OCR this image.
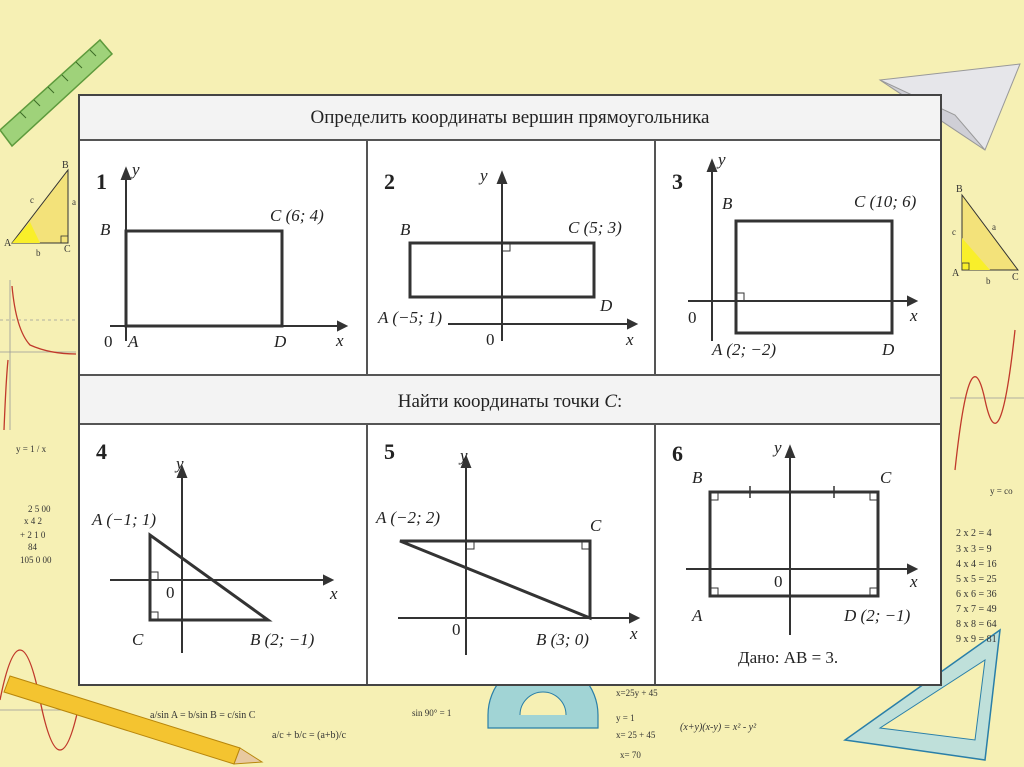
A
B
C
c	a
b
B
A	C
a
c
b
y = 1 / x
y = co
2 5 00
x 4 2
+ 2 1 0
84
105 0 00
2 x 2 = 4
3 x 3 = 9
4 x 4 = 16
5 x 5 = 25
6 x 6 = 36
7 x 7 = 49
8 x 8 = 64
9 x 9 = 81
a/sin A = b/sin B = c/sin C
a/c + b/c = (a+b)/c
sin 90° = 1
x=25y + 45
y = 1
x= 25 + 45
x= 70
(x+y)(x-y) = x² - y²
Определить координаты вершин прямоугольника
Найти координаты точки C:
1 y
x
0
B
C (6; 4)
A	D
2	y
x
0
B	C (5; 3)
A (−5; 1)
D
3
y
x
0
B	C (10; 6)
A (2; −2)	D
4	y
x
0
A (−1; 1)
B (2; −1)
C
5	y
x
0
A (−2; 2)
B (3; 0)
C
6	y
x
0
B	C
A	D (2; −1)
Дано: AB = 3.
